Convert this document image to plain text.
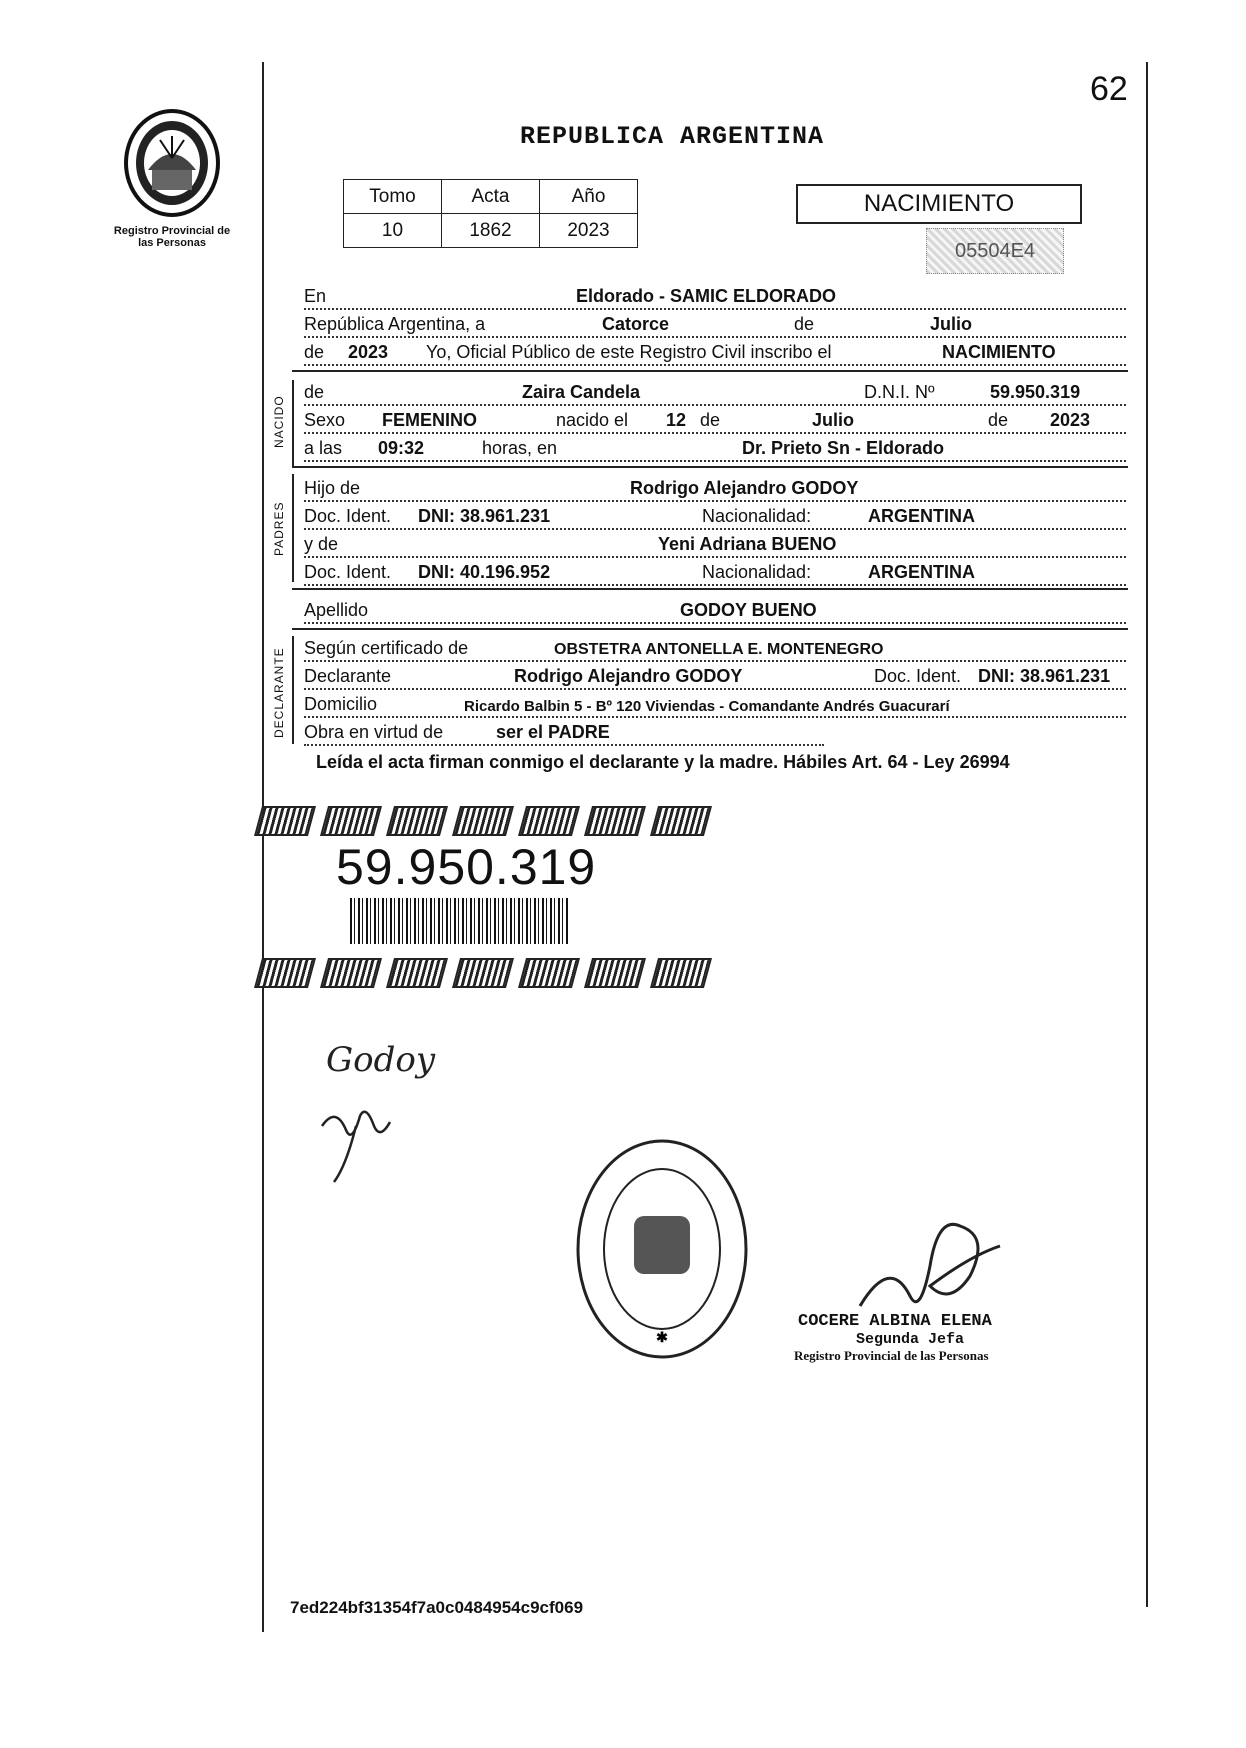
Registro Provincial de las Personas
62
REPUBLICA ARGENTINA
Tomo	Acta	Año
10	1862	2023
NACIMIENTO
05504E4
En	Eldorado - SAMIC ELDORADO
República Argentina, a	Catorce	de	Julio
de 2023 Yo, Oficial Público de este Registro Civil inscribo el	NACIMIENTO
NACIDO
de	Zaira Candela	D.N.I. Nº	59.950.319
Sexo FEMENINO	nacido el 12 de	Julio	de 2023
a las 09:32	horas, en	Dr. Prieto Sn - Eldorado
PADRES
Hijo de	Rodrigo Alejandro GODOY
Doc. Ident. DNI: 38.961.231	Nacionalidad:	ARGENTINA
y de	Yeni Adriana BUENO
Doc. Ident. DNI: 40.196.952	Nacionalidad:	ARGENTINA
Apellido	GODOY BUENO
DECLARANTE Según certificado de	OBSTETRA ANTONELLA E. MONTENEGRO
Declarante	Rodrigo Alejandro GODOY	Doc. Ident. DNI: 38.961.231
Domicilio	Ricardo Balbin 5 - Bº 120 Viviendas - Comandante Andrés Guacurarí
Obra en virtud de	ser el PADRE
Leída el acta firman conmigo el declarante y la madre. Hábiles Art. 64 - Ley 26994
59.950.319
Godoy
✱
COCERE ALBINA ELENA
Segunda Jefa
Registro Provincial de las Personas
7ed224bf31354f7a0c0484954c9cf069
